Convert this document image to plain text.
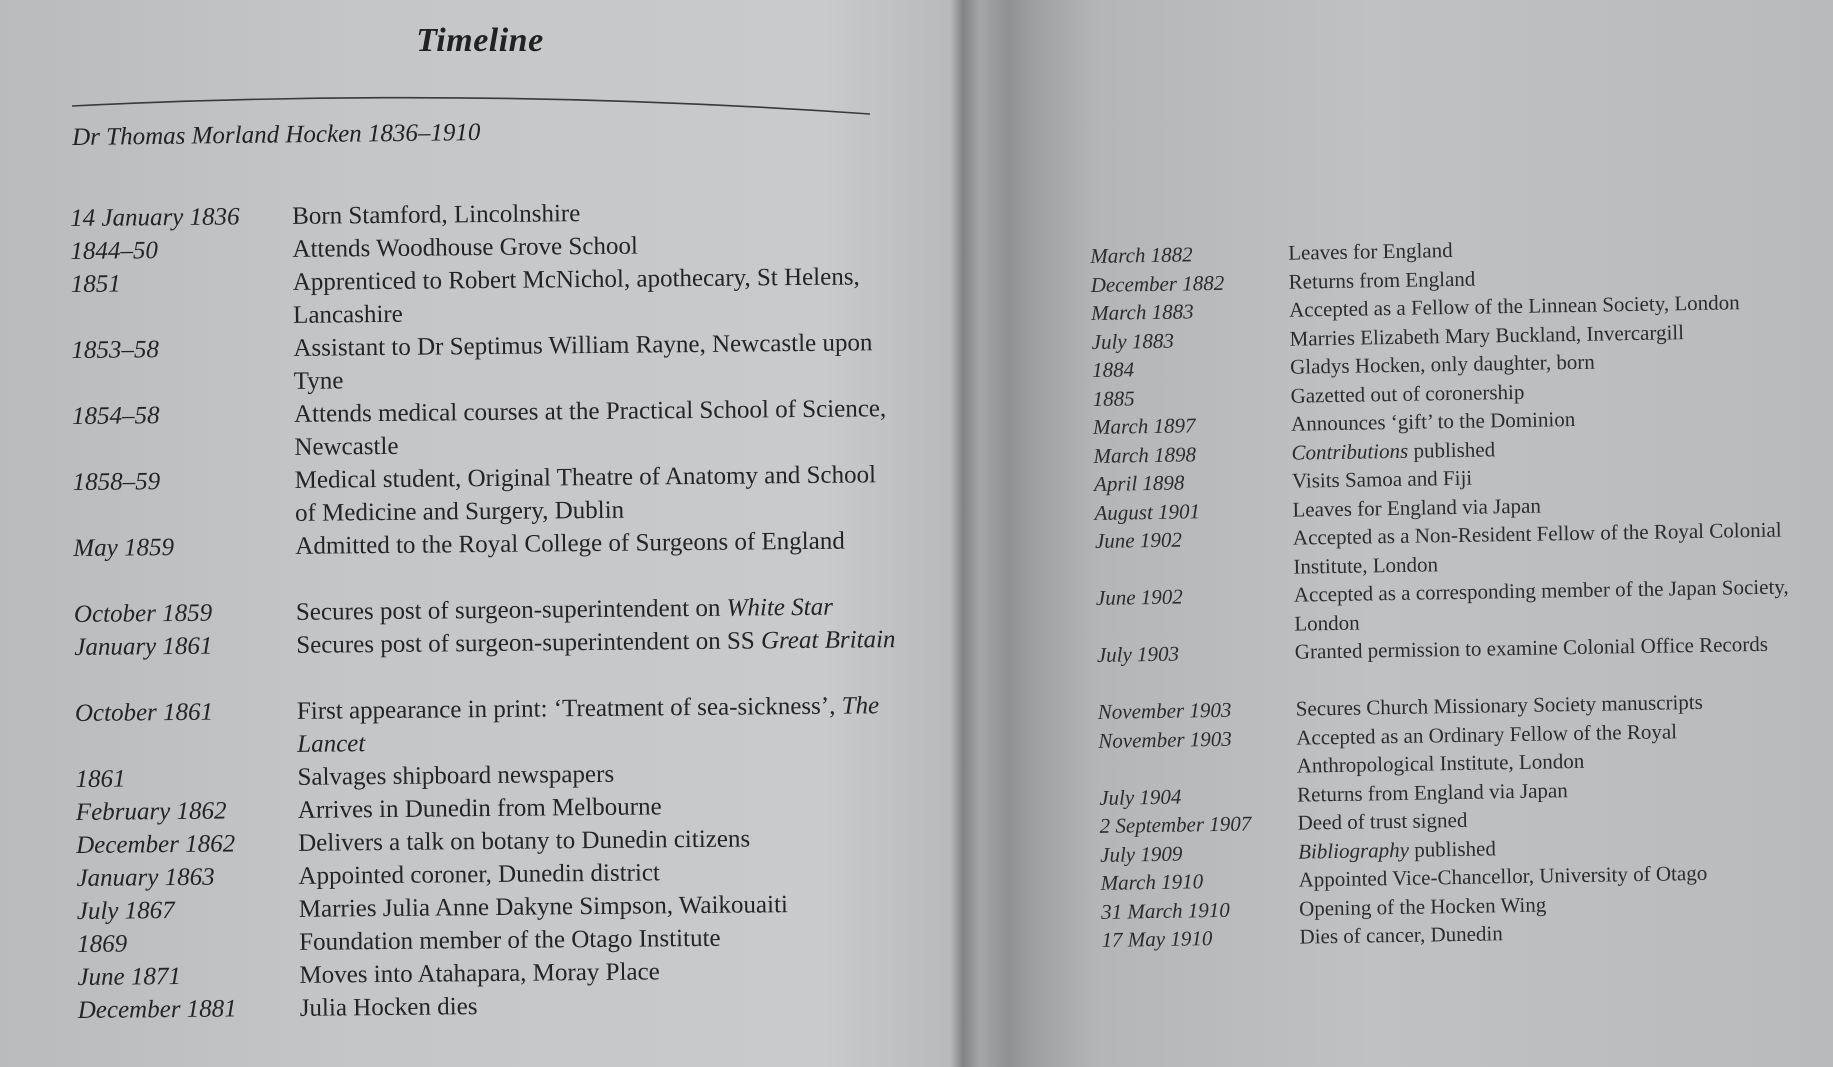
Timeline
Dr Thomas Morland Hocken 1836–1910
14 January 1836	Born Stamford, Lincolnshire
1844–50	Attends Woodhouse Grove School
1851	Apprenticed to Robert McNichol, apothecary, St Helens, Lancashire
1853–58	Assistant to Dr Septimus William Rayne, Newcastle upon Tyne
1854–58	Attends medical courses at the Practical School of Science, Newcastle
1858–59	Medical student, Original Theatre of Anatomy and School of Medicine and Surgery, Dublin
May 1859	Admitted to the Royal College of Surgeons of England
October 1859	Secures post of surgeon-superintendent on White Star
January 1861	Secures post of surgeon-superintendent on SS Great Britain
October 1861	First appearance in print: ‘Treatment of sea-sickness’, The Lancet
1861	Salvages shipboard newspapers
February 1862	Arrives in Dunedin from Melbourne
December 1862	Delivers a talk on botany to Dunedin citizens
January 1863	Appointed coroner, Dunedin district
July 1867	Marries Julia Anne Dakyne Simpson, Waikouaiti
1869	Foundation member of the Otago Institute
June 1871	Moves into Atahapara, Moray Place
December 1881	Julia Hocken dies
March 1882	Leaves for England
December 1882	Returns from England
March 1883	Accepted as a Fellow of the Linnean Society, London
July 1883	Marries Elizabeth Mary Buckland, Invercargill
1884	Gladys Hocken, only daughter, born
1885	Gazetted out of coronership
March 1897	Announces ‘gift’ to the Dominion
March 1898	Contributions published
April 1898	Visits Samoa and Fiji
August 1901	Leaves for England via Japan
June 1902	Accepted as a Non-Resident Fellow of the Royal Colonial Institute, London
June 1902	Accepted as a corresponding member of the Japan Society, London
July 1903	Granted permission to examine Colonial Office Records
November 1903	Secures Church Missionary Society manuscripts
November 1903	Accepted as an Ordinary Fellow of the Royal Anthropological Institute, London
July 1904	Returns from England via Japan
2 September 1907	Deed of trust signed
July 1909	Bibliography published
March 1910	Appointed Vice-Chancellor, University of Otago
31 March 1910	Opening of the Hocken Wing
17 May 1910	Dies of cancer, Dunedin
